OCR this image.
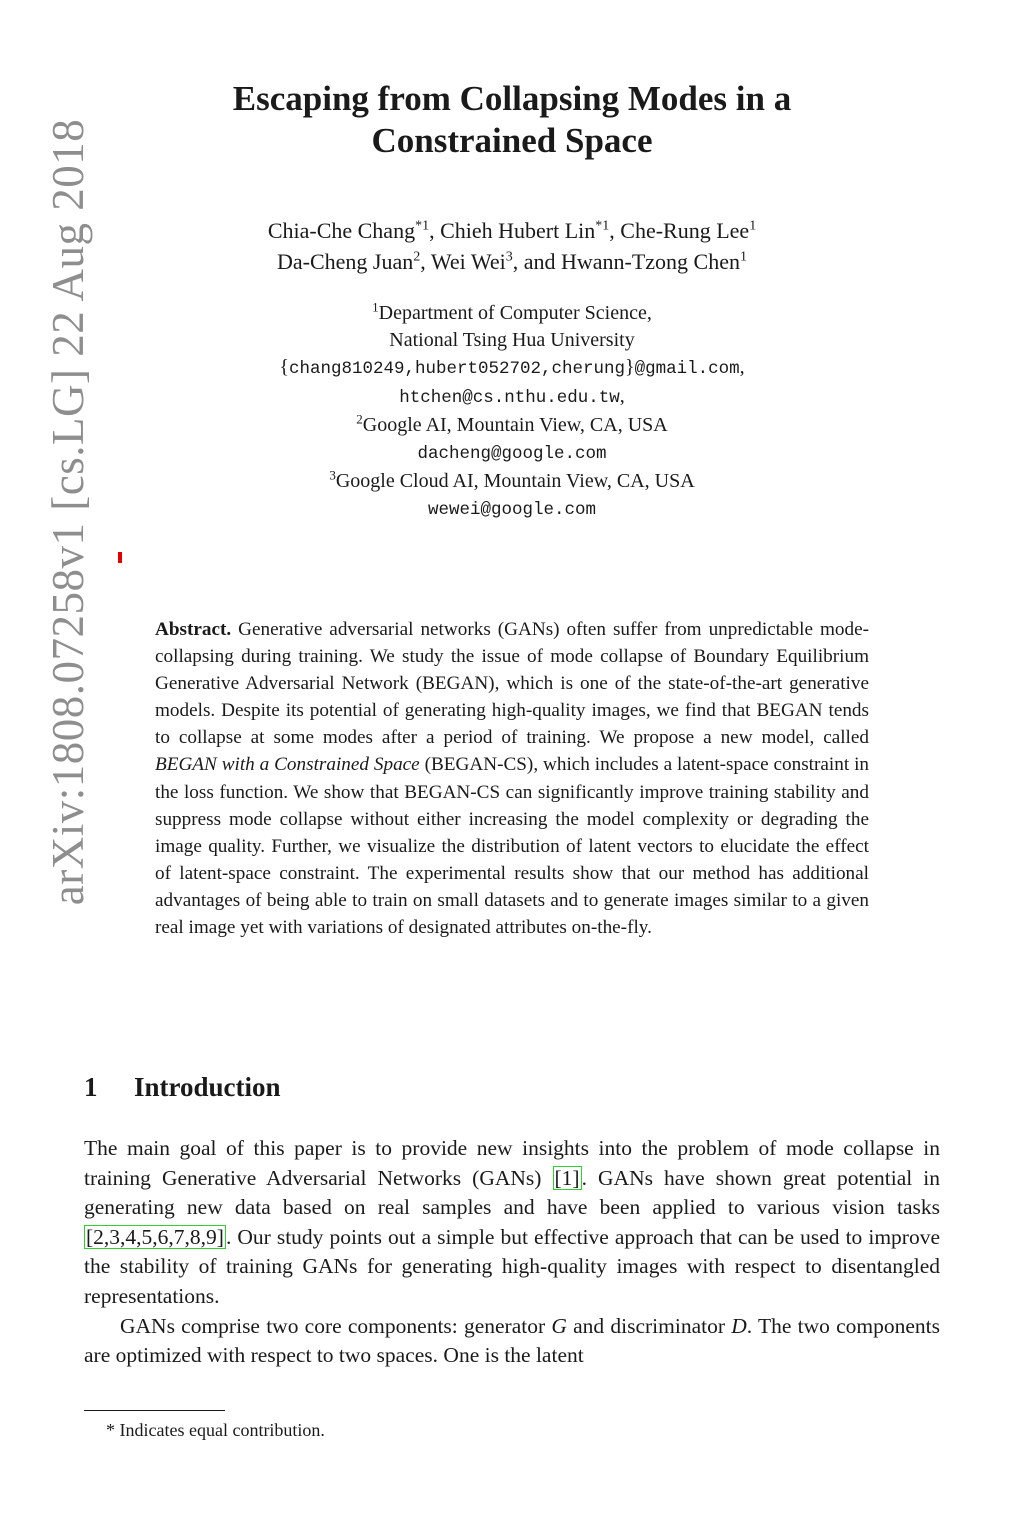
arXiv:1808.07258v1 [cs.LG] 22 Aug 2018
Escaping from Collapsing Modes in a
Constrained Space
Chia-Che Chang$^{*1}$, Chieh Hubert Lin$^{*1}$, Che-Rung Lee$^1$
Da-Cheng Juan$^2$, Wei Wei$^3$, and Hwann-Tzong Chen$^1$
$^1$Department of Computer Science,
National Tsing Hua University
{chang810249,hubert052702,cherung}@gmail.com,
htchen@cs.nthu.edu.tw,
$^2$Google AI, Mountain View, CA, USA
dacheng@google.com
$^3$Google Cloud AI, Mountain View, CA, USA
wewei@google.com

Abstract. Generative adversarial networks (GANs) often suffer from unpredictable mode-collapsing during training. We study the issue of mode collapse of Boundary Equilibrium Generative Adversarial Network (BEGAN), which is one of the state-of-the-art generative models. Despite its potential of generating high-quality images, we find that BEGAN tends to collapse at some modes after a period of training. We propose a new model, called BEGAN with a Constrained Space (BEGAN-CS), which includes a latent-space constraint in the loss function. We show that BEGAN-CS can significantly improve training stability and suppress mode collapse without either increasing the model complexity or degrading the image quality. Further, we visualize the distribution of latent vectors to elucidate the effect of latent-space constraint. The experimental results show that our method has additional advantages of being able to train on small datasets and to generate images similar to a given real image yet with variations of designated attributes on-the-fly.

1 Introduction

The main goal of this paper is to provide new insights into the problem of mode collapse in training Generative Adversarial Networks (GANs) [1]. GANs have shown great potential in generating new data based on real samples and have been applied to various vision tasks [2,3,4,5,6,7,8,9]. Our study points out a simple but effective approach that can be used to improve the stability of training GANs for generating high-quality images with respect to disentangled representations.

GANs comprise two core components: generator G and discriminator D. The two components are optimized with respect to two spaces. One is the latent

* Indicates equal contribution.
